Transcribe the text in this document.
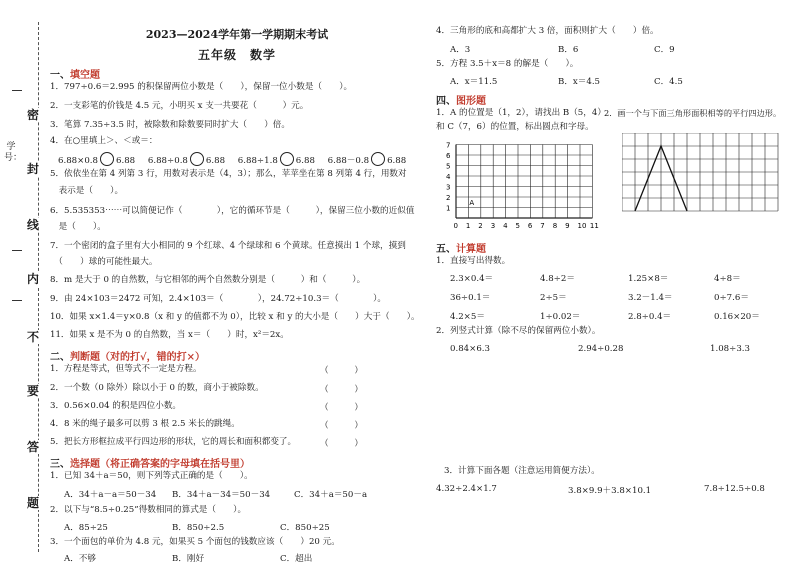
密
封
线
内
不
要
答
题
学号：
2023—2024学年第一学期期末考试
五年级　数学
一、填空题
1．797÷0.6＝2.995 的积保留两位小数是（　　），保留一位小数是（　　）。
2．一支彩笔的价钱是 4.5 元，小明买 x 支一共要花（　　　）元。
3．笔算 7.35÷3.5 时，被除数和除数要同时扩大（　　）倍。
4．在○里填上＞、＜或＝：
6.88×0.8 6.88 6.88÷0.8 6.88 6.88÷1.8 6.88 6.88－0.8 6.88
5．依依坐在第 4 列第 3 行，用数对表示是（4，3）；那么，苹苹坐在第 8 列第 4 行，用数对
　表示是（　　）。
6．5.535353⋯⋯可以简便记作（　　　　），它的循环节是（　　　），保留三位小数的近似值
　是（　　）。
7．一个密闭的盒子里有大小相同的 9 个红球、4 个绿球和 6 个黄球。任意摸出 1 个球，摸到
　（　　）球的可能性最大。
8．m 是大于 0 的自然数，与它相邻的两个自然数分别是（　　　）和（　　　）。
9．由 24×103＝2472 可知，2.4×103＝（　　　　），24.72÷10.3＝（　　　　）。
10．如果 x×1.4＝y×0.8（x 和 y 的值都不为 0），比较 x 和 y 的大小是（　　）大于（　　）。
11．如果 x 是不为 0 的自然数，当 x＝（　　）时，x²＝2x。
二、判断题（对的打√，错的打×）
1．方程是等式，但等式不一定是方程。	（　　　）
2．一个数（0 除外）除以小于 0 的数，商小于被除数。	（　　　）
3．0.56×0.04 的积是四位小数。	（　　　）
4．8 米的绳子最多可以剪 3 根 2.5 米长的跳绳。	（　　　）
5．把长方形框拉成平行四边形的形状，它的周长和面积都变了。	（　　　）
三、选择题（将正确答案的字母填在括号里）
1．已知 34＋a＝50，则下列等式正确的是（　　）。
A．34＋a－a＝50－34 B．34＋a－34＝50－34	C．34＋a＝50－a
2．以下与“8.5÷0.25”得数相同的算式是（　　）。
A．85÷25	B．850÷2.5	C．850÷25
3．一个面包的单价为 4.8 元，如果买 5 个面包的钱数应该（　　）20 元。
A．不够	B．刚好	C．超出
4．三角形的底和高都扩大 3 倍，面积则扩大（　　）倍。
A．3	B．6	C．9
5．方程 3.5＋x＝8 的解是（　　）。
A．x＝11.5	B．x＝4.5	C．4.5
四、图形题
1．A 的位置是（1，2），请找出 B（5，4）
和 C（7，6）的位置，标出圆点和字母。
2．画一个与下面三角形面积相等的平行四边形。
A
0 1 2 3 4 5 6 7 8 9 10 11
1
2
3
4
5
6
7
五、计算题
1．直接写出得数。
2.3×0.4＝	4.8÷2＝	1.25×8＝	4÷8＝
36÷0.1＝	2÷5＝	3.2－1.4＝	0÷7.6＝
4.2×5＝	1÷0.02＝	2.8÷0.4＝	0.16×20＝
2．列竖式计算（除不尽的保留两位小数）。
0.84×6.3	2.94÷0.28	1.08÷3.3
3．计算下面各题（注意运用简便方法）。
4.32÷2.4×1.7	3.8×9.9＋3.8×10.1	7.8÷12.5÷0.8
